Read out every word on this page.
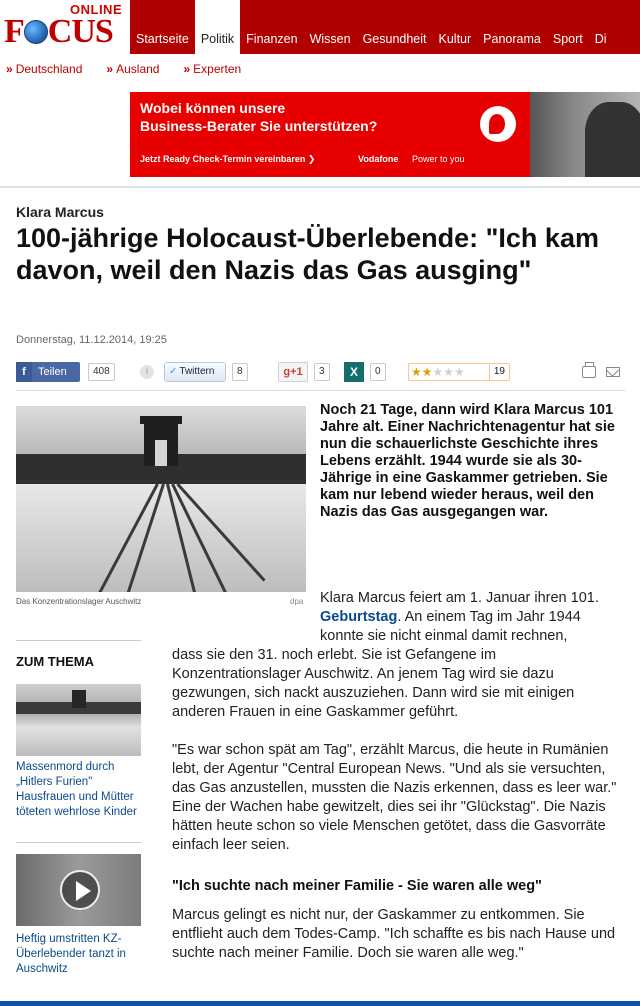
ONLINE
F CUS Startseite Politik Finanzen Wissen Gesundheit Kultur Panorama Sport Di
» Deutschland » Ausland » Experten
Wobei können unsere
Business-Berater Sie unterstützen?
Jetzt Ready Check-Termin vereinbaren ❯	Vodafone Power to you
Klara Marcus
100-jährige Holocaust-Überlebende: "Ich kam davon, weil den Nazis das Gas ausging"
Donnerstag, 11.12.2014, 19:25
f Teilen	408	i	✓ Twittern	8	g+1	3	X	0	★★★★★	19
Das Konzentrationslager Auschwitz	dpa

Noch 21 Tage, dann wird Klara Marcus 101 Jahre alt. Einer Nachrichtenagentur hat sie nun die schauerlichste Geschichte ihres Lebens erzählt. 1944 wurde sie als 30-Jährige in eine Gaskammer getrieben. Sie kam nur lebend wieder heraus, weil den Nazis das Gas ausgegangen war.

Klara Marcus feiert am 1. Januar ihren 101. Geburtstag. An einem Tag im Jahr 1944 konnte sie nicht einmal damit rechnen,

dass sie den 31. noch erlebt. Sie ist Gefangene im Konzentrationslager Auschwitz. An jenem Tag wird sie dazu gezwungen, sich nackt auszuziehen. Dann wird sie mit einigen anderen Frauen in eine Gaskammer geführt.

"Es war schon spät am Tag", erzählt Marcus, die heute in Rumänien lebt, der Agentur "Central European News. "Und als sie versuchten, das Gas anzustellen, mussten die Nazis erkennen, dass es leer war." Eine der Wachen habe gewitzelt, dies sei ihr "Glückstag". Die Nazis hätten heute schon so viele Menschen getötet, dass die Gasvorräte einfach leer seien.

"Ich suchte nach meiner Familie - Sie waren alle weg"

Marcus gelingt es nicht nur, der Gaskammer zu entkommen. Sie entflieht auch dem Todes-Camp. "Ich schaffte es bis nach Hause und suchte nach meiner Familie. Doch sie waren alle weg."

ZUM THEMA
Massenmord durch „Hitlers Furien" Hausfrauen und Mütter töteten wehrlose Kinder
Heftig umstritten KZ-Überlebender tanzt in Auschwitz
